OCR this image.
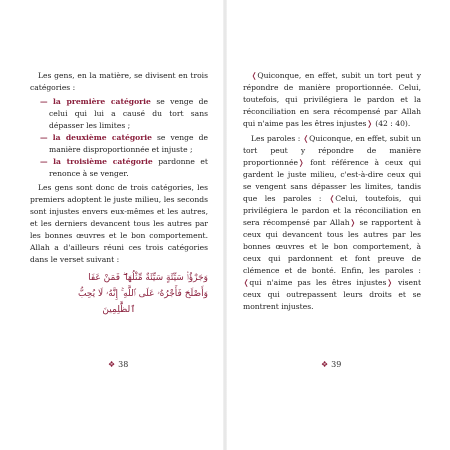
Les gens, en la matière, se divisent en trois catégories :

— la première catégorie se venge de celui qui lui a causé du tort sans dépasser les limites ;

— la deuxième catégorie se venge de manière disproportionnée et injuste ;

— la troisième catégorie pardonne et renonce à se venger.

Les gens sont donc de trois catégories, les premiers adoptent le juste milieu, les seconds sont injustes envers eux-mêmes et les autres, et les derniers devancent tous les autres par les bonnes œuvres et le bon comportement. Allah a d'ailleurs réuni ces trois catégories dans le verset suivant :

وَجَزَٰٓؤُا۟ سَيِّئَةٍ سَيِّئَةٌ مِّثْلُهَا ۖ فَمَنْ عَفَا
وَأَصْلَحَ فَأَجْرُهُۥ عَلَى ٱللَّهِ ۚ إِنَّهُۥ لَا يُحِبُّ
ٱلظَّٰلِمِينَ

❬Quiconque, en effet, subit un tort peut y répondre de manière proportionnée. Celui, toutefois, qui privilégiera le pardon et la réconciliation en sera récompensé par Allah qui n'aime pas les êtres injustes❭ (42 : 40).

Les paroles : ❬Quiconque, en effet, subit un tort peut y répondre de manière proportionnée❭ font référence à ceux qui gardent le juste milieu, c'est-à-dire ceux qui se vengent sans dépasser les limites, tandis que les paroles : ❬Celui, toutefois, qui privilégiera le pardon et la réconciliation en sera récompensé par Allah❭ se rapportent à ceux qui devancent tous les autres par les bonnes œuvres et le bon comportement, à ceux qui pardonnent et font preuve de clémence et de bonté. Enfin, les paroles : ❬qui n'aime pas les êtres injustes❭ visent ceux qui outrepassent leurs droits et se montrent injustes.

❖ 38	❖ 39
